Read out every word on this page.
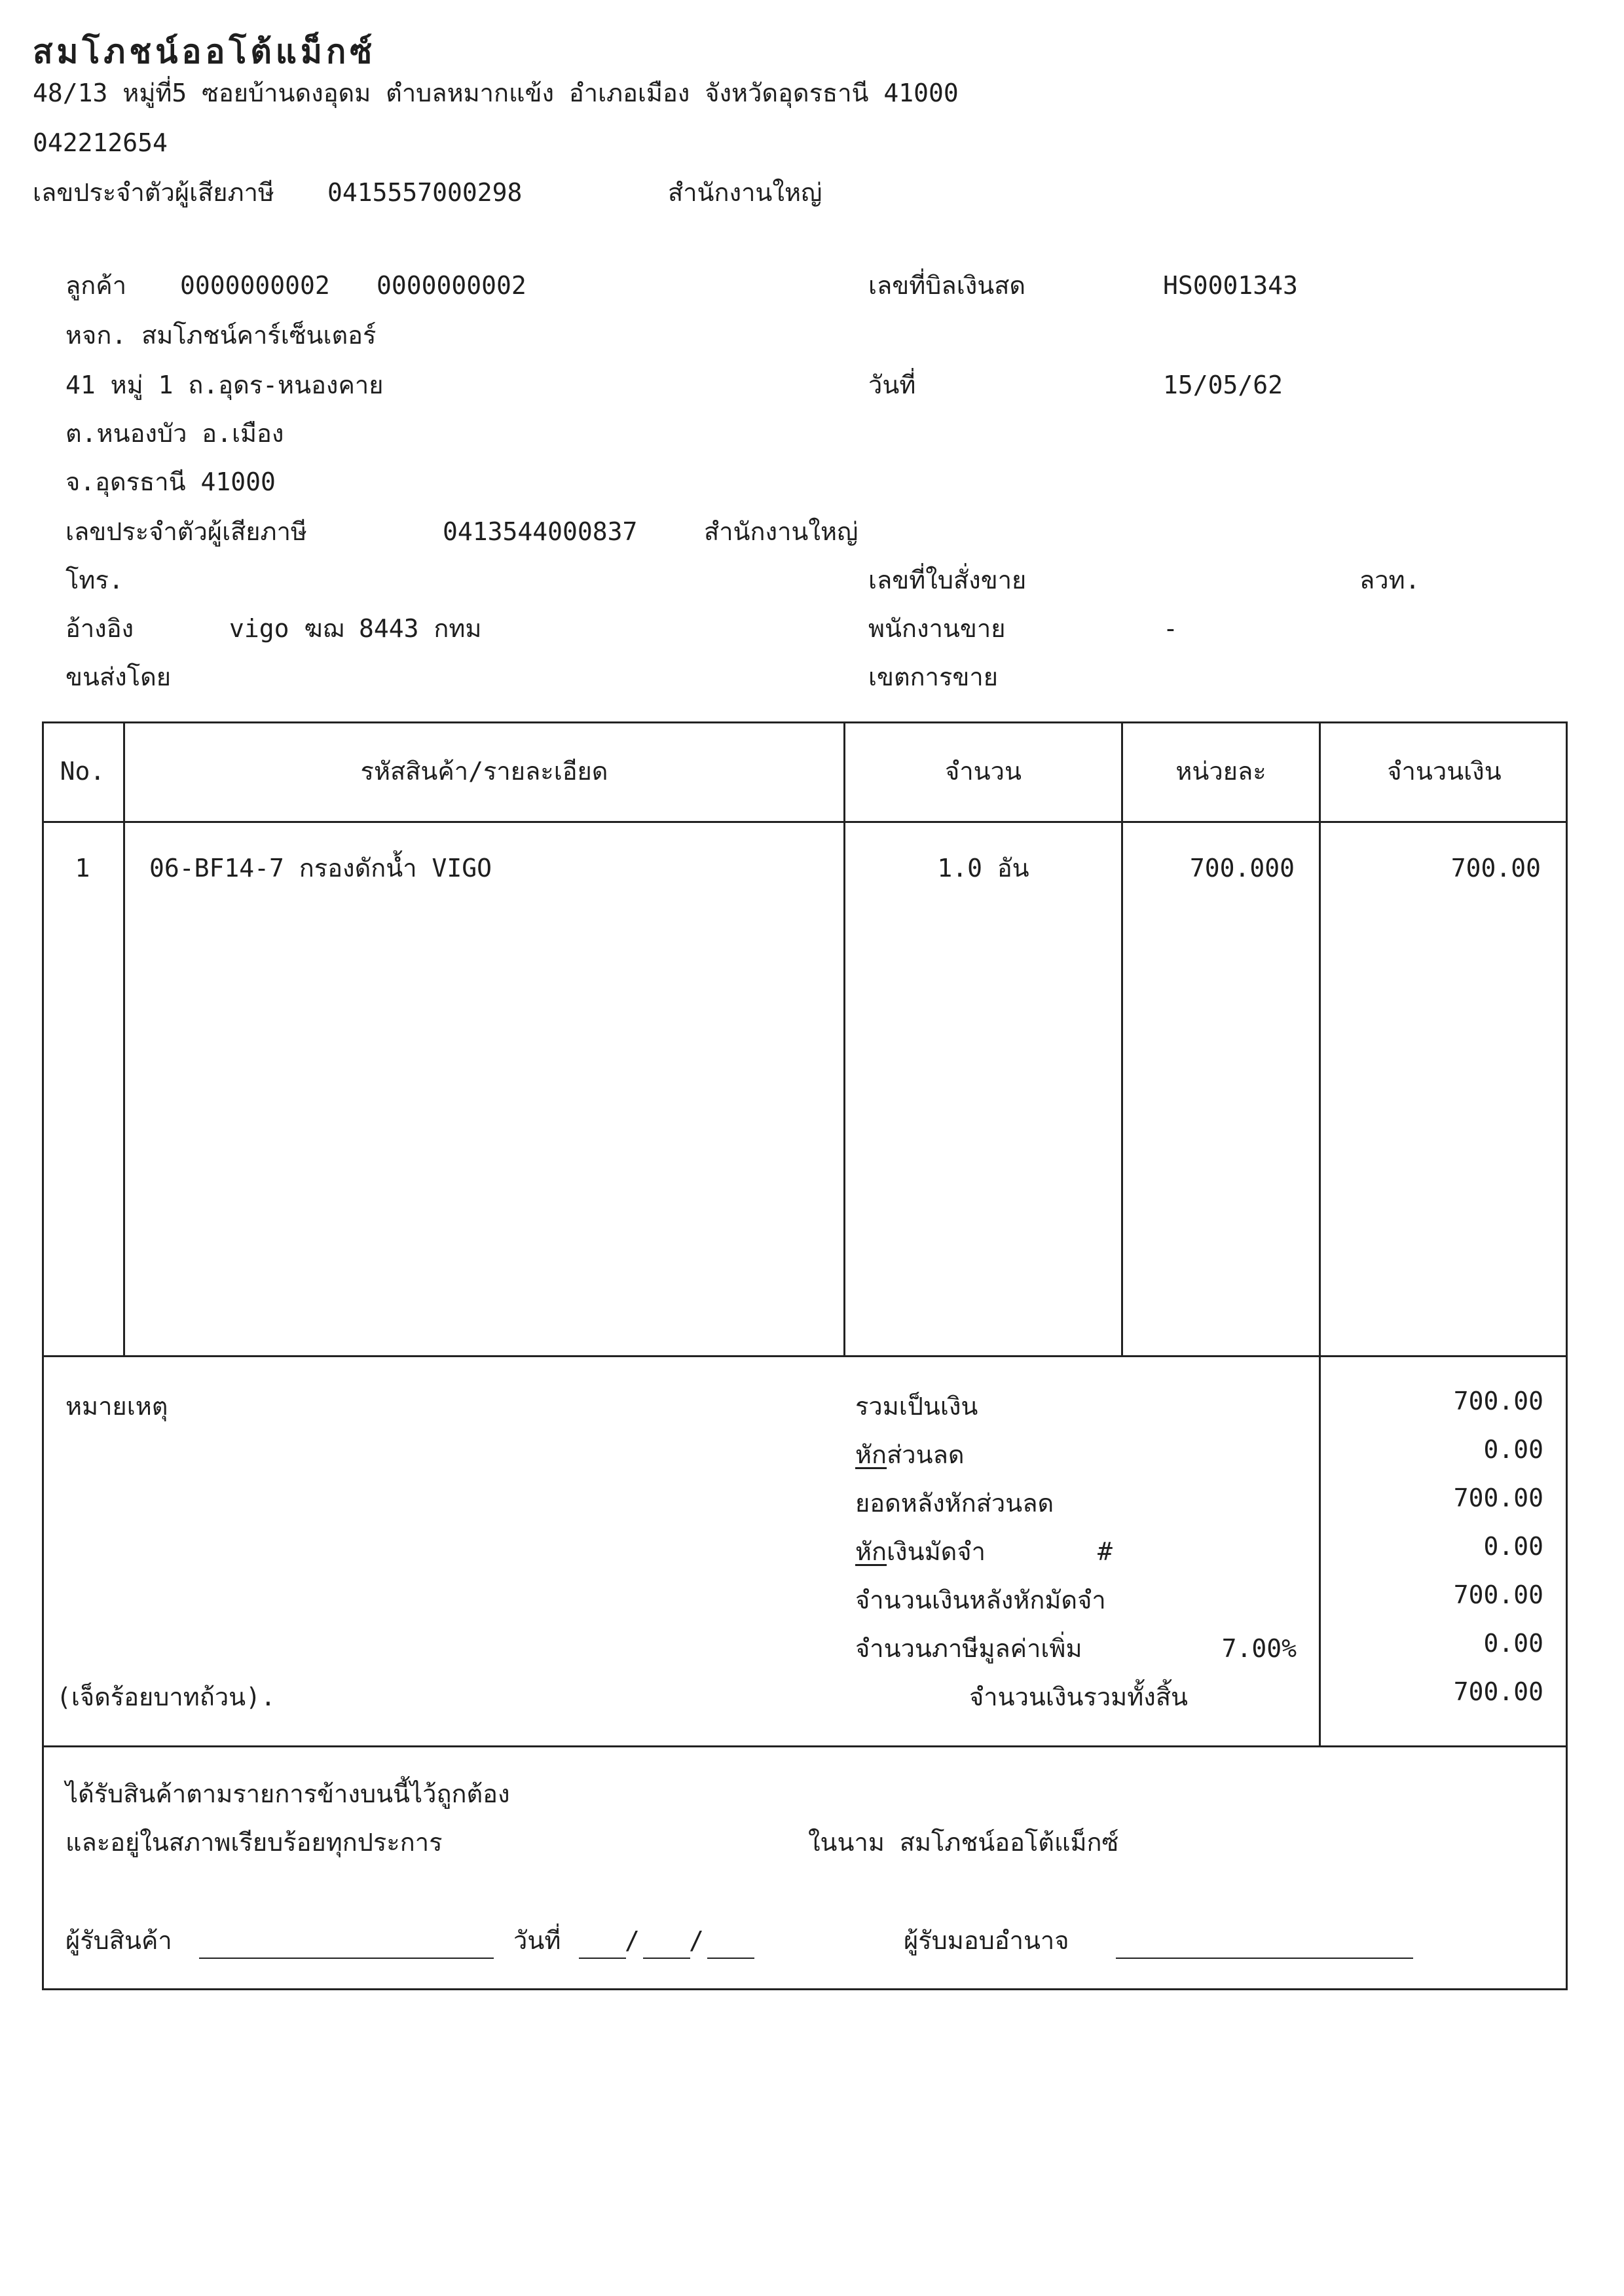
สมโภชน์ออโต้แม็กซ์
48/13 หมู่ที่5 ซอยบ้านดงอุดม ตำบลหมากแข้ง อำเภอเมือง จังหวัดอุดรธานี 41000
042212654
เลขประจำตัวผู้เสียภาษี 0415557000298	สำนักงานใหญ่
ลูกค้า 0000000002 0000000002
หจก. สมโภชน์คาร์เซ็นเตอร์
41 หมู่ 1 ถ.อุดร-หนองคาย
ต.หนองบัว อ.เมือง
จ.อุดรธานี 41000
เลขประจำตัวผู้เสียภาษี	0413544000837	สำนักงานใหญ่
โทร.
อ้างอิง	vigo ฆฌ 8443 กทม
ขนส่งโดย
เลขที่บิลเงินสด	HS0001343
วันที่	15/05/62
เลขที่ใบสั่งขาย	ลวท.
พนักงานขาย	-
เขตการขาย
No.	รหัสสินค้า/รายละเอียด	จำนวน	หน่วยละ	จำนวนเงิน
1	06-BF14-7 กรองดักน้ำ VIGO	1.0 อัน	700.000	700.00
หมายเหตุ
(เจ็ดร้อยบาทถ้วน).
รวมเป็นเงิน	700.00
หักส่วนลด	0.00
ยอดหลังหักส่วนลด	700.00
หักเงินมัดจำ	#	0.00
จำนวนเงินหลังหักมัดจำ	700.00
จำนวนภาษีมูลค่าเพิ่ม	7.00%	0.00
จำนวนเงินรวมทั้งสิ้น	700.00
ได้รับสินค้าตามรายการข้างบนนี้ไว้ถูกต้อง
และอยู่ในสภาพเรียบร้อยทุกประการ	ในนาม สมโภชน์ออโต้แม็กซ์
ผู้รับสินค้า	วันที่	/ /	ผู้รับมอบอำนาจ
